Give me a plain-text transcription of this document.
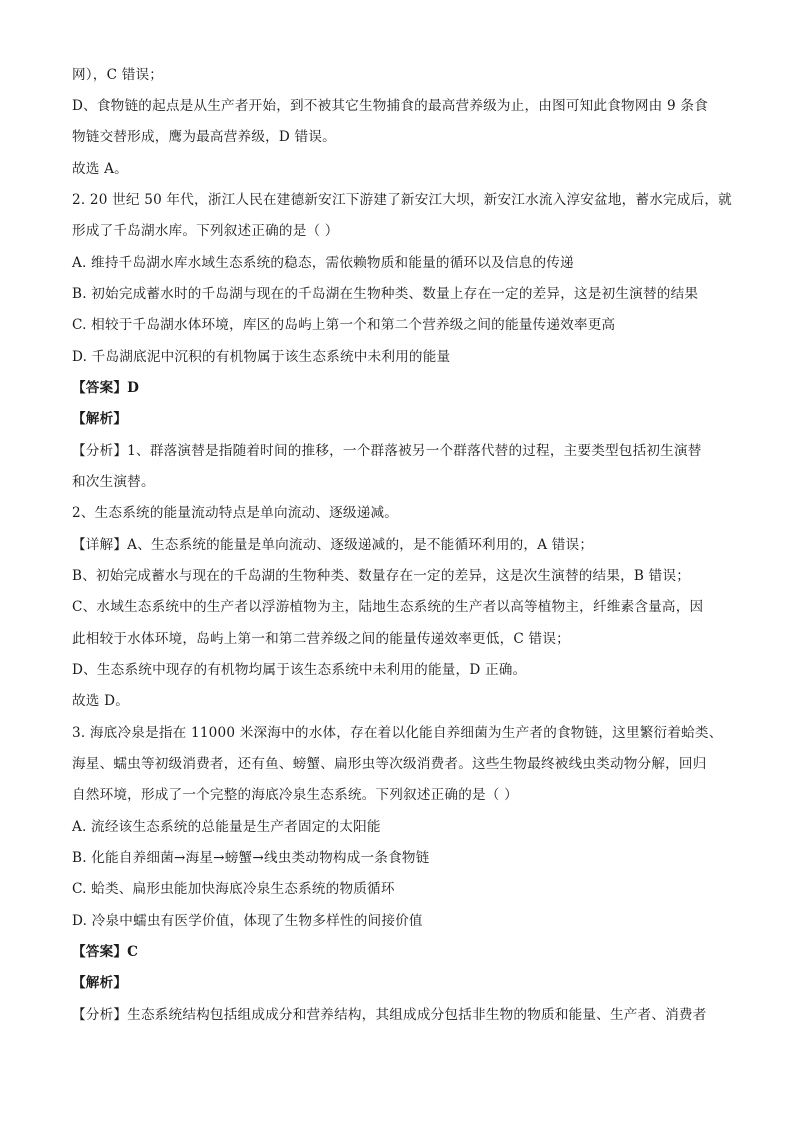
网），C 错误；
D、食物链的起点是从生产者开始，到不被其它生物捕食的最高营养级为止，由图可知此食物网由 9 条食
物链交替形成，鹰为最高营养级，D 错误。
故选 A。
2. 20 世纪 50 年代，浙江人民在建德新安江下游建了新安江大坝，新安江水流入淳安盆地，蓄水完成后，就
形成了千岛湖水库。下列叙述正确的是（ ）
A. 维持千岛湖水库水域生态系统的稳态，需依赖物质和能量的循环以及信息的传递
B. 初始完成蓄水时的千岛湖与现在的千岛湖在生物种类、数量上存在一定的差异，这是初生演替的结果
C. 相较于千岛湖水体环境，库区的岛屿上第一个和第二个营养级之间的能量传递效率更高
D. 千岛湖底泥中沉积的有机物属于该生态系统中未利用的能量
【答案】D
【解析】
【分析】1、群落演替是指随着时间的推移，一个群落被另一个群落代替的过程，主要类型包括初生演替
和次生演替。
2、生态系统的能量流动特点是单向流动、逐级递减。
【详解】A、生态系统的能量是单向流动、逐级递减的，是不能循环利用的，A 错误；
B、初始完成蓄水与现在的千岛湖的生物种类、数量存在一定的差异，这是次生演替的结果，B 错误；
C、水域生态系统中的生产者以浮游植物为主，陆地生态系统的生产者以高等植物主，纤维素含量高，因
此相较于水体环境，岛屿上第一和第二营养级之间的能量传递效率更低，C 错误；
D、生态系统中现存的有机物均属于该生态系统中未利用的能量，D 正确。
故选 D。
3. 海底冷泉是指在 11000 米深海中的水体，存在着以化能自养细菌为生产者的食物链，这里繁衍着蛤类、
海星、蠕虫等初级消费者，还有鱼、螃蟹、扁形虫等次级消费者。这些生物最终被线虫类动物分解，回归
自然环境，形成了一个完整的海底冷泉生态系统。下列叙述正确的是（ ）
A. 流经该生态系统的总能量是生产者固定的太阳能
B. 化能自养细菌→海星→螃蟹→线虫类动物构成一条食物链
C. 蛤类、扁形虫能加快海底冷泉生态系统的物质循环
D. 冷泉中蠕虫有医学价值，体现了生物多样性的间接价值
【答案】C
【解析】
【分析】生态系统结构包括组成成分和营养结构，其组成成分包括非生物的物质和能量、生产者、消费者
